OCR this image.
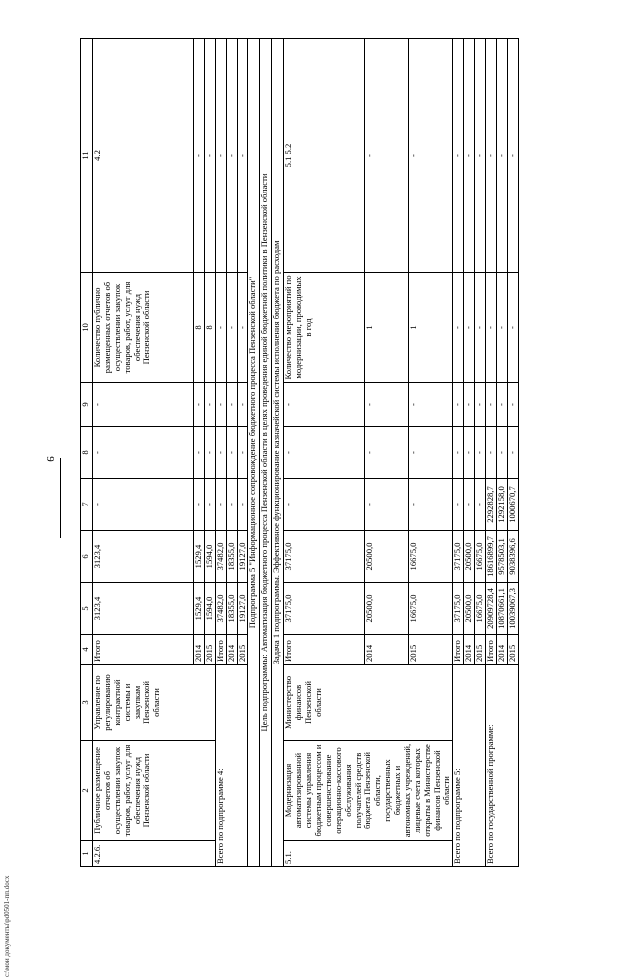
9
c:\мои документы\pd0501-пп.docx
1	2	3	4	5	6	7	8	9	10	11
4.2.6.	Публичное размещение отчетов об осуществлении закупок товаров, работ, услуг для обеспечения нужд Пензенской области	Управление по регулированию контрактной системы и закупкам Пензенской области	Итого	3123,4	3123,4	-	-	-	Количество публично размещенных отчетов об осуществлении закупок товаров, работ, услуг для обеспечения нужд Пензенской области	4.2
			2014	1529,4	1529,4	-	-	-	8	-
			2015	1594,0	1594,0	-	-	-	8	-
Всего по подпрограмме 4:			Итого	37482,0	37482,0	-	-	-	-	-
			2014	18355,0	18355,0	-	-	-	-	-
			2015	19127,0	19127,0	-	-	-	-	-
Подпрограмма 5 "Информационное сопровождение бюджетного процесса Пензенской области"										
Цель подпрограммы: Автоматизация бюджетного процесса Пензенской области в целях проведения единой бюджетной политики в Пензенской области										
Задача 1 подпрограммы. Эффективное функционирование казначейской системы исполнения бюджета по расходам										
5.1.	Модернизация автоматизированной системы управления бюджетным процессом и совершенствование операционно-кассового обслуживания получателей средств бюджета Пензенской области, государственных бюджетных и автономных учреждений, лицевые счета которых открыты в Министерстве финансов Пензенской области	Министерство финансов Пензенской области	Итого	37175,0	37175,0	-	-	-	Количество мероприятий по модернизации, проводимых в год	5.1 5.2
			2014	20500,0	20500,0	-	-	-	1	-
			2015	16675,0	16675,0	-	-	-	1	-
Всего по подпрограмме 5:			Итого	37175,0	37175,0	-	-	-	-	-
			2014	20500,0	20500,0	-	-	-	-	-
			2015	16675,0	16675,0	-	-	-	-	-
Всего по государственной программе:			Итого	20909728,4	18616899,7	2292828,7	-	-	-	-
			2014	10870661,1	9578503,1	1292158,0	-	-	-	-
			2015	10039067,3	9038396,6	1000670,7	-	-	-	-
